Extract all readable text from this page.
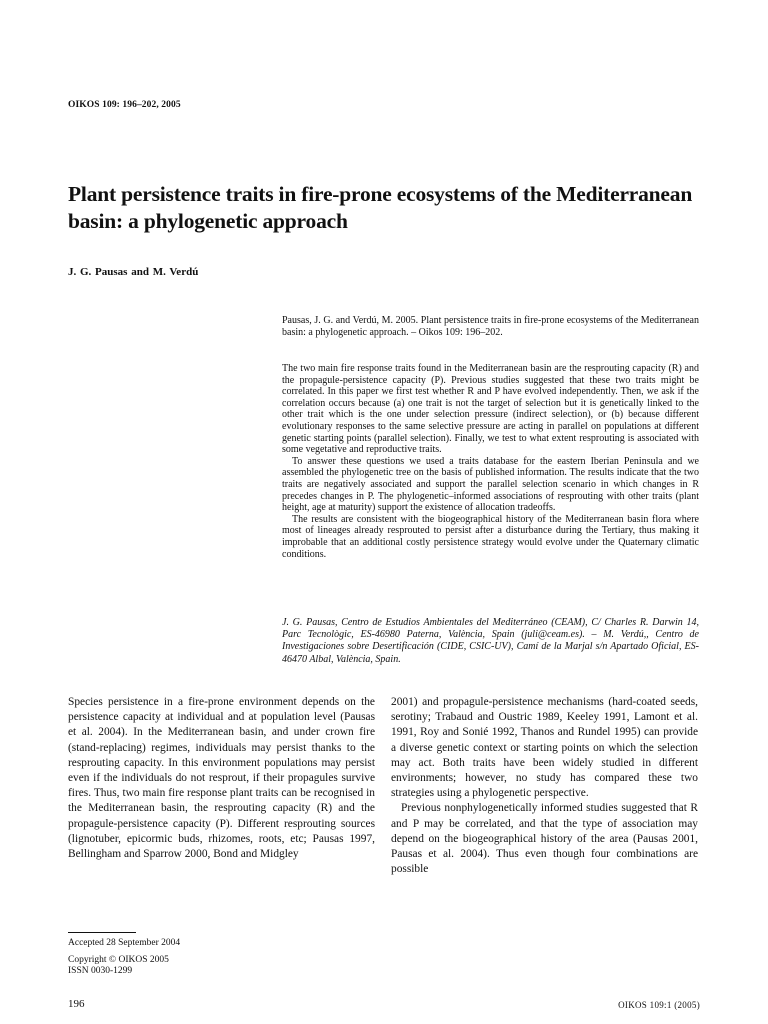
OIKOS 109: 196–202, 2005
Plant persistence traits in fire-prone ecosystems of the Mediterranean basin: a phylogenetic approach
J. G. Pausas and M. Verdú
Pausas, J. G. and Verdú, M. 2005. Plant persistence traits in fire-prone ecosystems of the Mediterranean basin: a phylogenetic approach. – Oikos 109: 196–202.

The two main fire response traits found in the Mediterranean basin are the resprouting capacity (R) and the propagule-persistence capacity (P). Previous studies suggested that these two traits might be correlated. In this paper we first test whether R and P have evolved independently. Then, we ask if the correlation occurs because (a) one trait is not the target of selection but it is genetically linked to the other trait which is the one under selection pressure (indirect selection), or (b) because different evolutionary responses to the same selective pressure are acting in parallel on populations at different genetic starting points (parallel selection). Finally, we test to what extent resprouting is associated with some vegetative and reproductive traits.

To answer these questions we used a traits database for the eastern Iberian Peninsula and we assembled the phylogenetic tree on the basis of published information. The results indicate that the two traits are negatively associated and support the parallel selection scenario in which changes in R precedes changes in P. The phylogenetic–informed associations of resprouting with other traits (plant height, age at maturity) support the existence of allocation tradeoffs.

The results are consistent with the biogeographical history of the Mediterranean basin flora where most of lineages already resprouted to persist after a disturbance during the Tertiary, thus making it improbable that an additional costly persistence strategy would evolve under the Quaternary climatic conditions.

J. G. Pausas, Centro de Estudios Ambientales del Mediterráneo (CEAM), C/ Charles R. Darwin 14, Parc Tecnològic, ES-46980 Paterna, València, Spain (juli@ceam.es). – M. Verdú,, Centro de Investigaciones sobre Desertificación (CIDE, CSIC-UV), Camí de la Marjal s/n Apartado Oficial, ES-46470 Albal, València, Spain.

Species persistence in a fire-prone environment depends on the persistence capacity at individual and at population level (Pausas et al. 2004). In the Mediterranean basin, and under crown fire (stand-replacing) regimes, individuals may persist thanks to the resprouting capacity. In this environment populations may persist even if the individuals do not resprout, if their propagules survive fires. Thus, two main fire response plant traits can be recognised in the Mediterranean basin, the resprouting capacity (R) and the propagule-persistence capacity (P). Different resprouting sources (lignotuber, epicormic buds, rhizomes, roots, etc; Pausas 1997, Bellingham and Sparrow 2000, Bond and Midgley

2001) and propagule-persistence mechanisms (hard-coated seeds, serotiny; Trabaud and Oustric 1989, Keeley 1991, Lamont et al. 1991, Roy and Sonié 1992, Thanos and Rundel 1995) can provide a diverse genetic context or starting points on which the selection may act. Both traits have been widely studied in different environments; however, no study has compared these two strategies using a phylogenetic perspective.

Previous nonphylogenetically informed studies suggested that R and P may be correlated, and that the type of association may depend on the biogeographical history of the area (Pausas 2001, Pausas et al. 2004). Thus even though four combinations are possible

Accepted 28 September 2004
Copyright © OIKOS 2005
ISSN 0030-1299
196	OIKOS 109:1 (2005)
